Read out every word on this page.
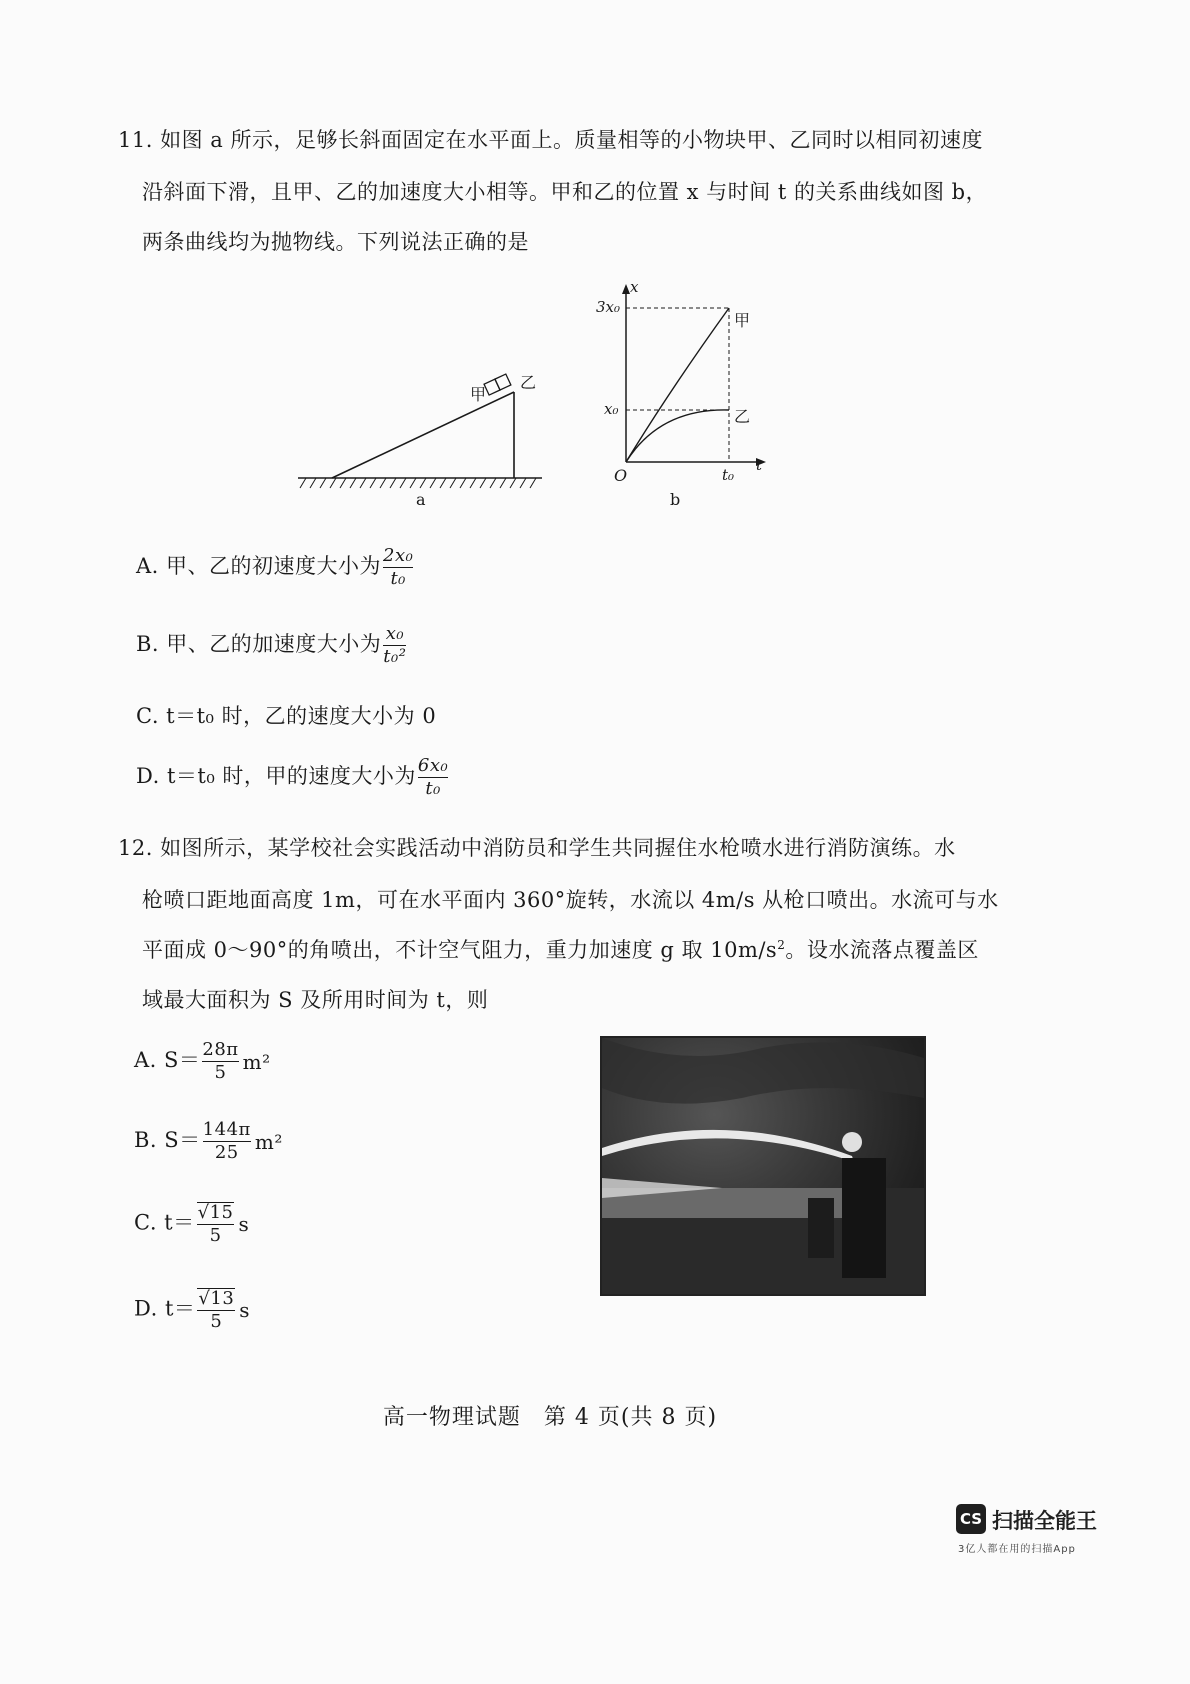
11. 如图 a 所示，足够长斜面固定在水平面上。质量相等的小物块甲、乙同时以相同初速度
沿斜面下滑，且甲、乙的加速度大小相等。甲和乙的位置 x 与时间 t 的关系曲线如图 b，
两条曲线均为抛物线。下列说法正确的是
甲
乙
a
x
t
O
3x₀
x₀
t₀
甲
乙
b
A. 甲、乙的初速度大小为 $\frac{\text{2x₀}}{\text{t₀}}$
B. 甲、乙的加速度大小为 $\frac{\text{x₀}}{\text{t₀²}}$
C. t＝t₀ 时，乙的速度大小为 0
D. t＝t₀ 时，甲的速度大小为 $\frac{\text{6x₀}}{\text{t₀}}$
12. 如图所示，某学校社会实践活动中消防员和学生共同握住水枪喷水进行消防演练。水
枪喷口距地面高度 1m，可在水平面内 360°旋转，水流以 4m/s 从枪口喷出。水流可与水
平面成 0～90°的角喷出，不计空气阻力，重力加速度 g 取 $10m/s^2$。设水流落点覆盖区
域最大面积为 S 及所用时间为 t，则
A. $S= \frac{28\pi}{5} m^2$
B. $S= \frac{144\pi}{25} m^2$
C. $t= \frac{√15}{5}$ s
D. $t= \frac{√13}{5}$ s
高一物理试题　第 4 页(共 8 页)
CS 扫描全能王
3亿人都在用的扫描App
